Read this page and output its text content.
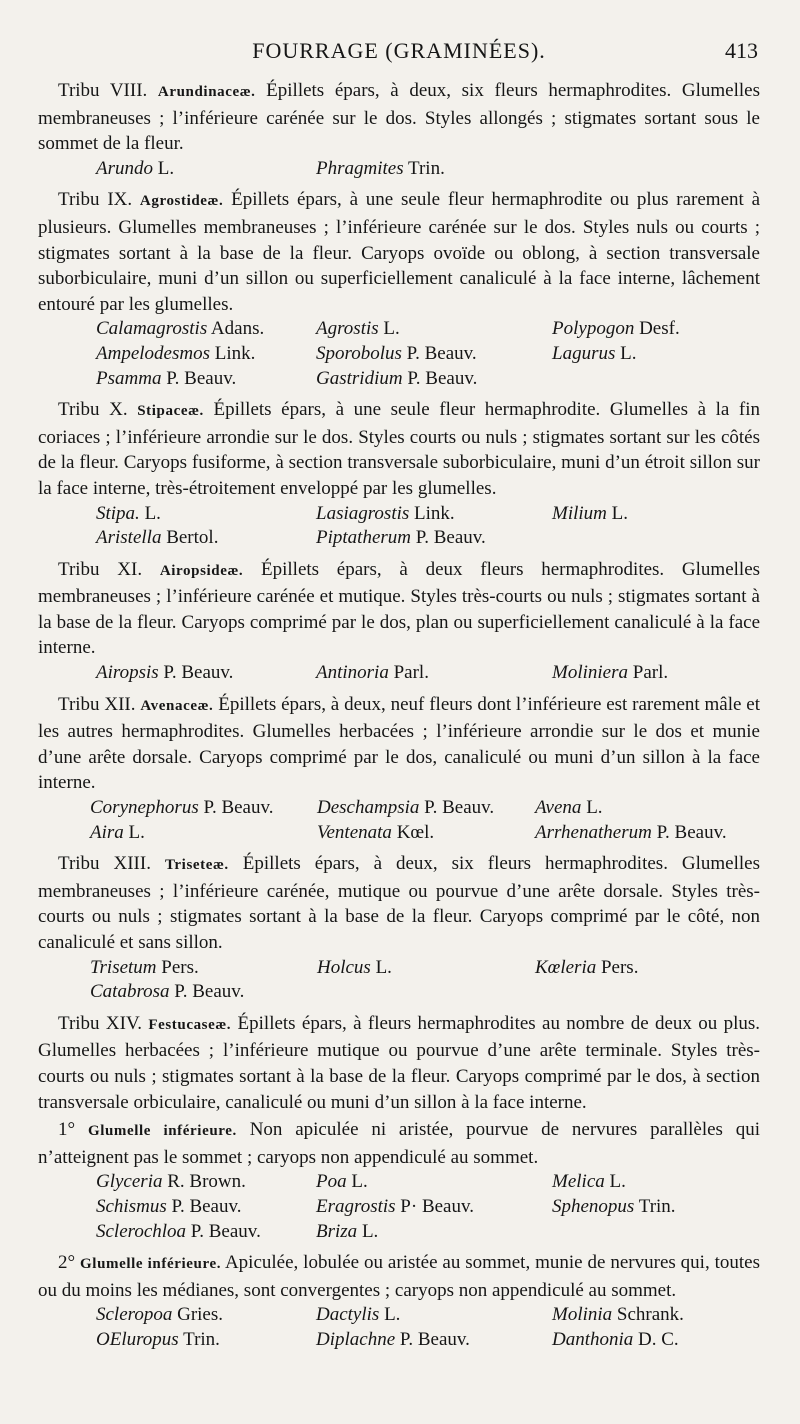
FOURRAGE (GRAMINÉES).	413

Tribu VIII. Arundinaceæ. Épillets épars, à deux, six fleurs hermaphrodites. Glumelles membraneuses ; l’inférieure carénée sur le dos. Styles allongés ; stigmates sortant sous le sommet de la fleur.

Arundo L.	Phragmites Trin.

Tribu IX. Agrostideæ. Épillets épars, à une seule fleur hermaphrodite ou plus rarement à plusieurs. Glumelles membraneuses ; l’inférieure carénée sur le dos. Styles nuls ou courts ; stigmates sortant à la base de la fleur. Caryops ovoïde ou oblong, à section transversale suborbiculaire, muni d’un sillon ou superficiellement canaliculé à la face interne, lâchement entouré par les glumelles.

Calamagrostis Adans.	Agrostis L.	Polypogon Desf.
Ampelodesmos Link.	Sporobolus P. Beauv.	Lagurus L.
Psamma P. Beauv.	Gastridium P. Beauv.

Tribu X. Stipaceæ. Épillets épars, à une seule fleur hermaphrodite. Glumelles à la fin coriaces ; l’inférieure arrondie sur le dos. Styles courts ou nuls ; stigmates sortant sur les côtés de la fleur. Caryops fusiforme, à section transversale suborbiculaire, muni d’un étroit sillon sur la face interne, très-étroitement enveloppé par les glumelles.

Stipa. L.	Lasiagrostis Link.	Milium L.
Aristella Bertol.	Piptatherum P. Beauv.

Tribu XI. Airopsideæ. Épillets épars, à deux fleurs hermaphrodites. Glumelles membraneuses ; l’inférieure carénée et mutique. Styles très-courts ou nuls ; stigmates sortant à la base de la fleur. Caryops comprimé par le dos, plan ou superficiellement canaliculé à la face interne.

Airopsis P. Beauv.	Antinoria Parl.	Moliniera Parl.

Tribu XII. Avenaceæ. Épillets épars, à deux, neuf fleurs dont l’inférieure est rarement mâle et les autres hermaphrodites. Glumelles herbacées ; l’inférieure arrondie sur le dos et munie d’une arête dorsale. Caryops comprimé par le dos, canaliculé ou muni d’un sillon à la face interne.

Corynephorus P. Beauv.	Deschampsia P. Beauv.	Avena L.
Aira L.	Ventenata Kœl.	Arrhenatherum P. Beauv.

Tribu XIII. Triseteæ. Épillets épars, à deux, six fleurs hermaphrodites. Glumelles membraneuses ; l’inférieure carénée, mutique ou pourvue d’une arête dorsale. Styles très-courts ou nuls ; stigmates sortant à la base de la fleur. Caryops comprimé par le côté, non canaliculé et sans sillon.

Trisetum Pers.	Holcus L.	Kœleria Pers.
Catabrosa P. Beauv.

Tribu XIV. Festucaseæ. Épillets épars, à fleurs hermaphrodites au nombre de deux ou plus. Glumelles herbacées ; l’inférieure mutique ou pourvue d’une arête terminale. Styles très-courts ou nuls ; stigmates sortant à la base de la fleur. Caryops comprimé par le dos, à section transversale orbiculaire, canaliculé ou muni d’un sillon à la face interne.

1° Glumelle inférieure. Non apiculée ni aristée, pourvue de nervures parallèles qui n’atteignent pas le sommet ; caryops non appendiculé au sommet.

Glyceria R. Brown.	Poa L.	Melica L.
Schismus P. Beauv.	Eragrostis P· Beauv.	Sphenopus Trin.
Sclerochloa P. Beauv.	Briza L.

2° Glumelle inférieure. Apiculée, lobulée ou aristée au sommet, munie de nervures qui, toutes ou du moins les médianes, sont convergentes ; caryops non appendiculé au sommet.

Scleropoa Gries.	Dactylis L.	Molinia Schrank.
OEluropus Trin.	Diplachne P. Beauv.	Danthonia D. C.
